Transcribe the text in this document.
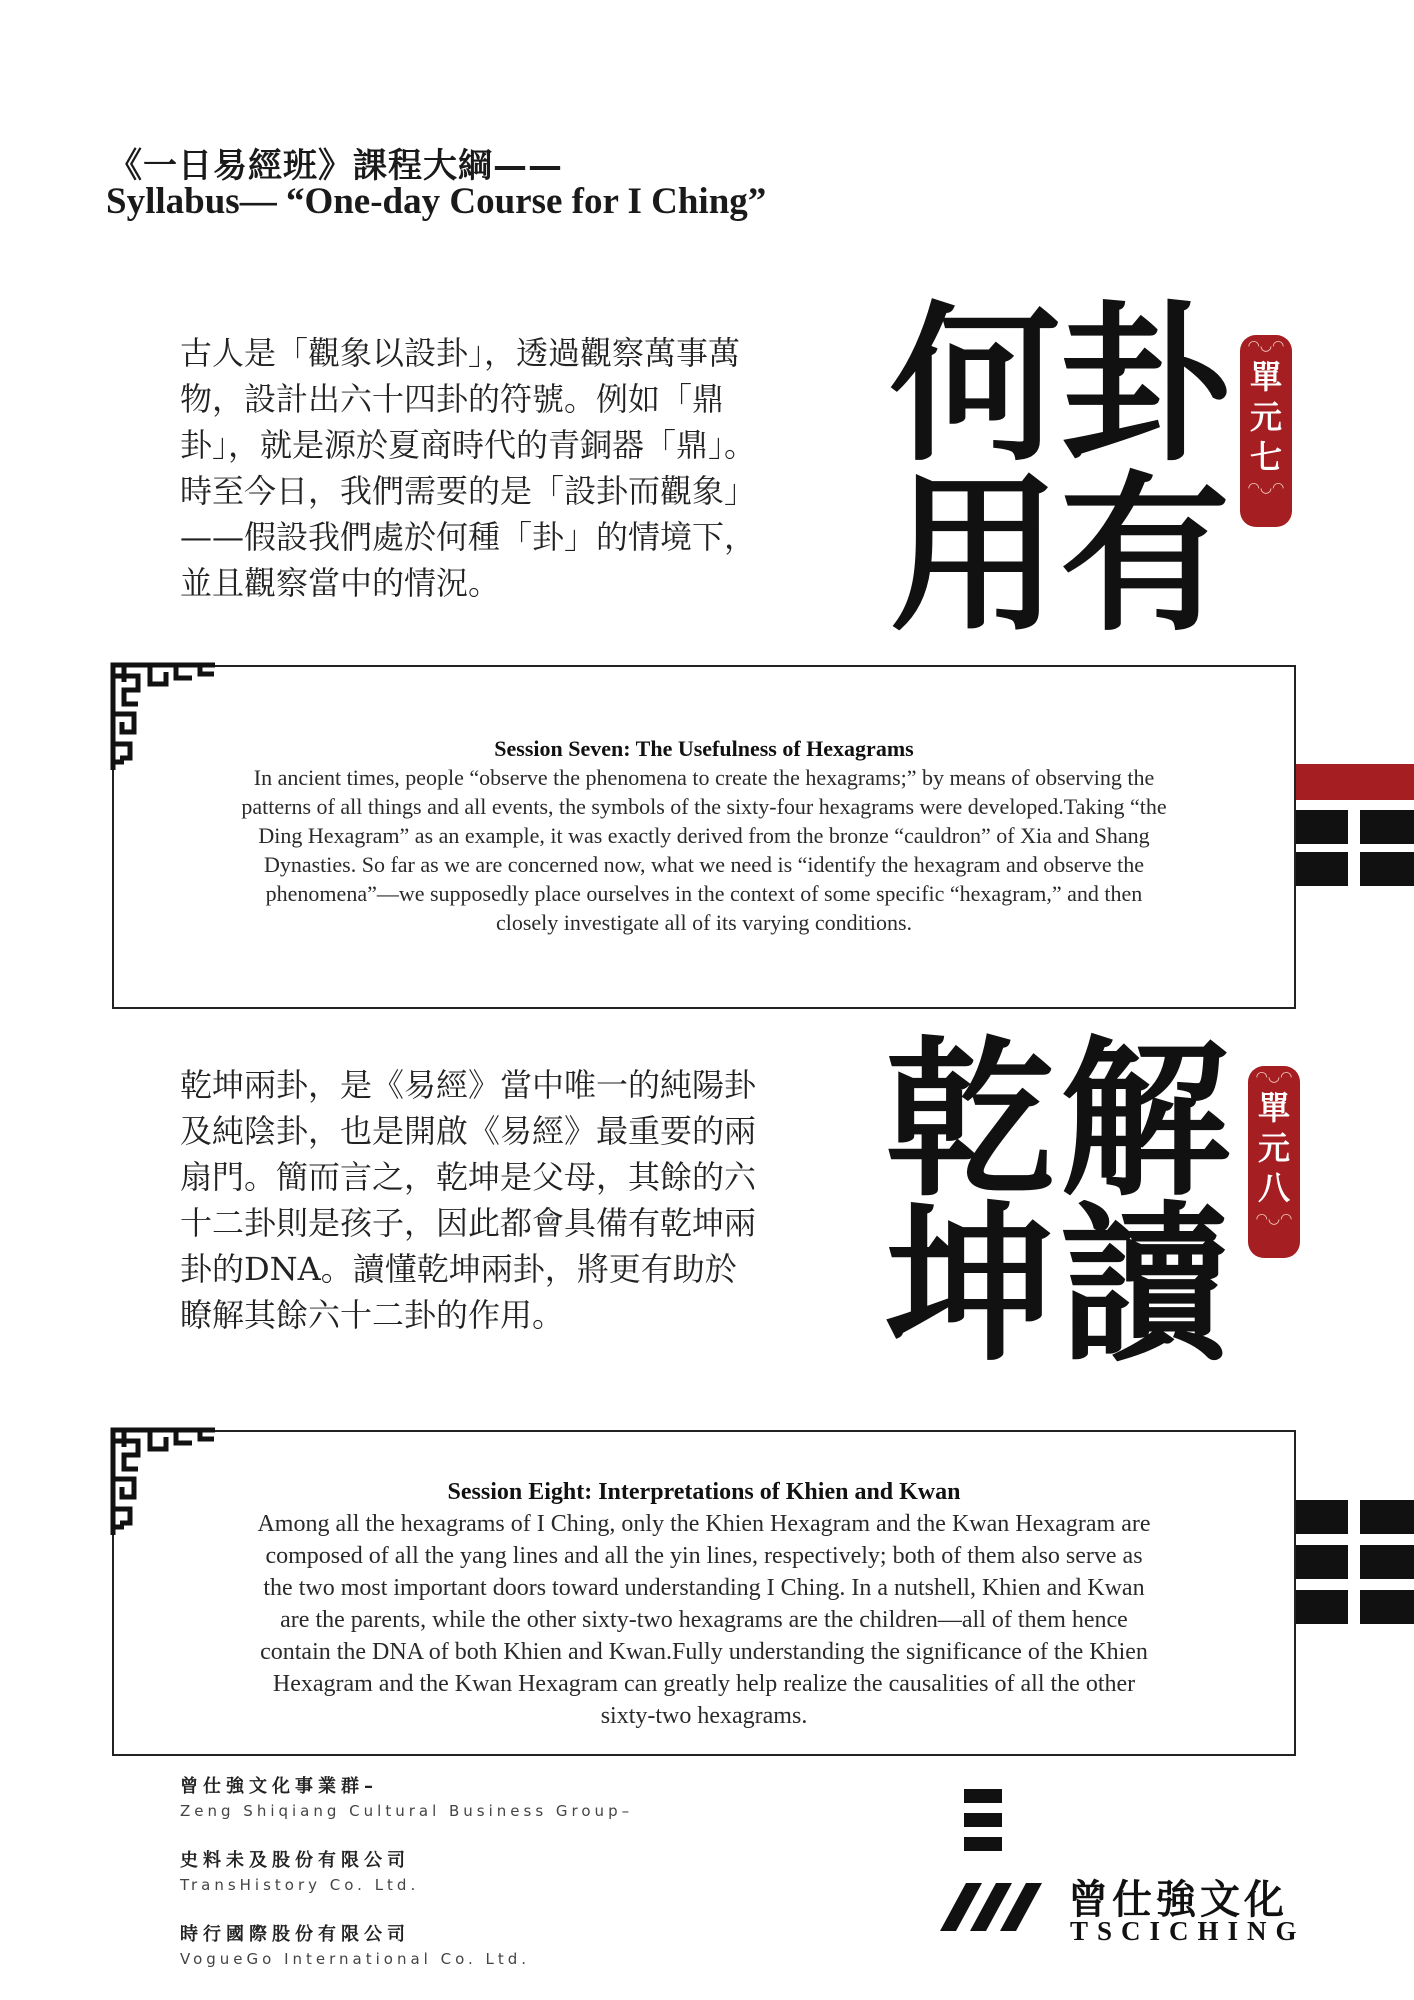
《一日易經班》課程大綱——
Syllabus— “One-day Course for I Ching”
古人是「觀象以設卦」，透過觀察萬事萬
物，設計出六十四卦的符號。例如「鼎
卦」，就是源於夏商時代的青銅器「鼎」。
時至今日，我們需要的是「設卦而觀象」
——假設我們處於何種「卦」的情境下，
並且觀察當中的情況。
卦
有
何
用
◠◡◠
單
元
七
◠◡◠
Session Seven: The Usefulness of Hexagrams
In ancient times, people “observe the phenomena to create the hexagrams;” by means of observing the
patterns of all things and all events, the symbols of the sixty-four hexagrams were developed.Taking “the
Ding Hexagram” as an example, it was exactly derived from the bronze “cauldron” of Xia and Shang
Dynasties. So far as we are concerned now, what we need is “identify the hexagram and observe the
phenomena”—we supposedly place ourselves in the context of some specific “hexagram,” and then
closely investigate all of its varying conditions.
乾坤兩卦，是《易經》當中唯一的純陽卦
及純陰卦，也是開啟《易經》最重要的兩
扇門。簡而言之，乾坤是父母，其餘的六
十二卦則是孩子，因此都會具備有乾坤兩
卦的DNA。讀懂乾坤兩卦，將更有助於
瞭解其餘六十二卦的作用。
解
讀
乾
坤
◠◡◠
單
元
八
◠◡◠
Session Eight: Interpretations of Khien and Kwan
Among all the hexagrams of I Ching, only the Khien Hexagram and the Kwan Hexagram are
composed of all the yang lines and all the yin lines, respectively; both of them also serve as
the two most important doors toward understanding I Ching. In a nutshell, Khien and Kwan
are the parents, while the other sixty-two hexagrams are the children—all of them hence
contain the DNA of both Khien and Kwan.Fully understanding the significance of the Khien
Hexagram and the Kwan Hexagram can greatly help realize the causalities of all the other
sixty-two hexagrams.
曾仕強文化事業群–
Zeng Shiqiang Cultural Business Group–
史料未及股份有限公司
TransHistory Co. Ltd.
時行國際股份有限公司
VogueGo International Co. Ltd.
曾仕強文化
TSCICHING
